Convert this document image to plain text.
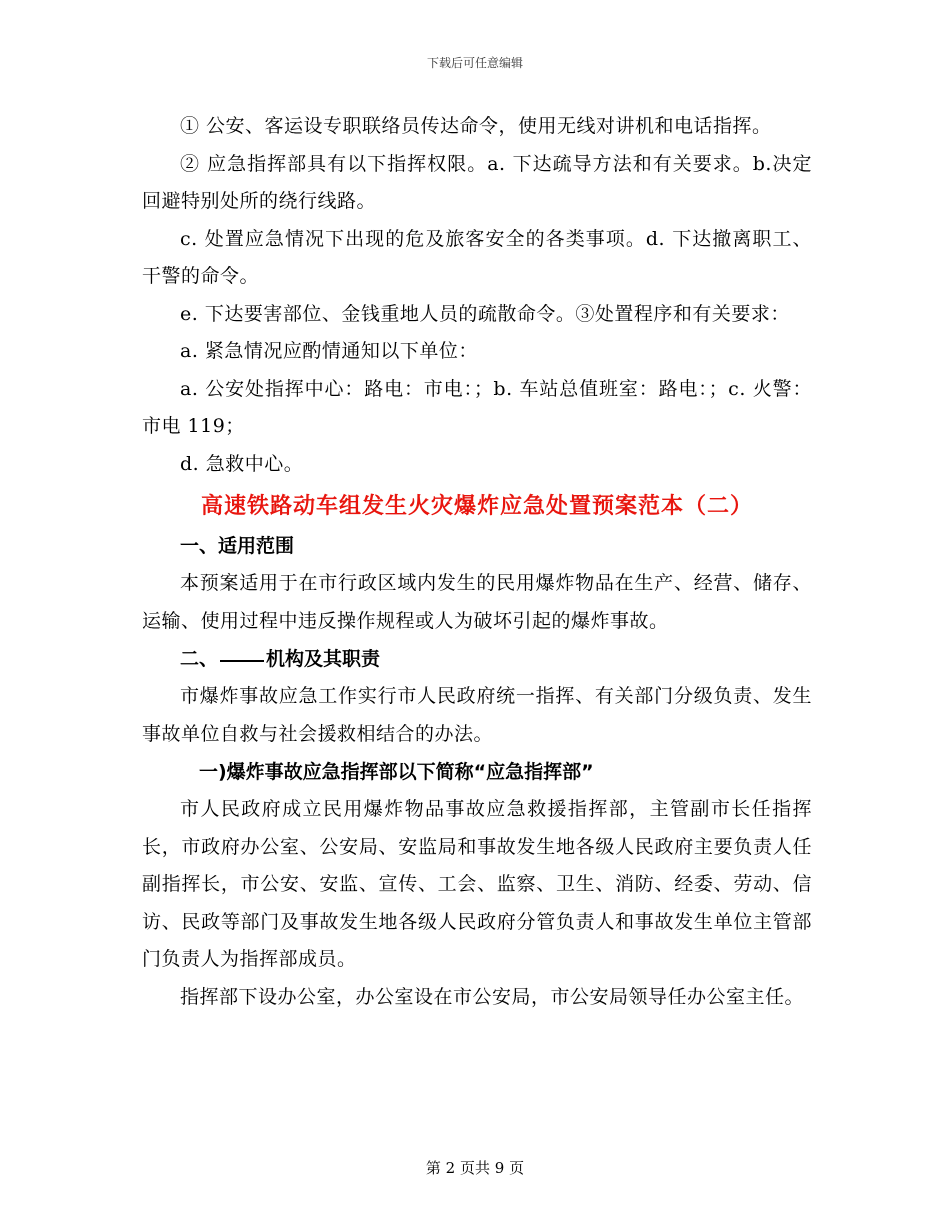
下载后可任意编辑

① 公安、客运设专职联络员传达命令，使用无线对讲机和电话指挥。

② 应急指挥部具有以下指挥权限。a. 下达疏导方法和有关要求。b.决定回避特别处所的绕行线路。

c. 处置应急情况下出现的危及旅客安全的各类事项。d. 下达撤离职工、干警的命令。

e. 下达要害部位、金钱重地人员的疏散命令。③处置程序和有关要求：

a. 紧急情况应酌情通知以下单位：

a. 公安处指挥中心：路电：市电：；b. 车站总值班室：路电：；c. 火警：市电 119；

d. 急救中心。

高速铁路动车组发生火灾爆炸应急处置预案范本（二）

一、适用范围

本预案适用于在市行政区域内发生的民用爆炸物品在生产、经营、储存、运输、使用过程中违反操作规程或人为破坏引起的爆炸事故。

二、	机构及其职责

市爆炸事故应急工作实行市人民政府统一指挥、有关部门分级负责、发生事故单位自救与社会援救相结合的办法。

一)爆炸事故应急指挥部以下简称“应急指挥部”

市人民政府成立民用爆炸物品事故应急救援指挥部，主管副市长任指挥长，市政府办公室、公安局、安监局和事故发生地各级人民政府主要负责人任副指挥长，市公安、安监、宣传、工会、监察、卫生、消防、经委、劳动、信访、民政等部门及事故发生地各级人民政府分管负责人和事故发生单位主管部门负责人为指挥部成员。

指挥部下设办公室，办公室设在市公安局，市公安局领导任办公室主任。

第 2 页共 9 页
